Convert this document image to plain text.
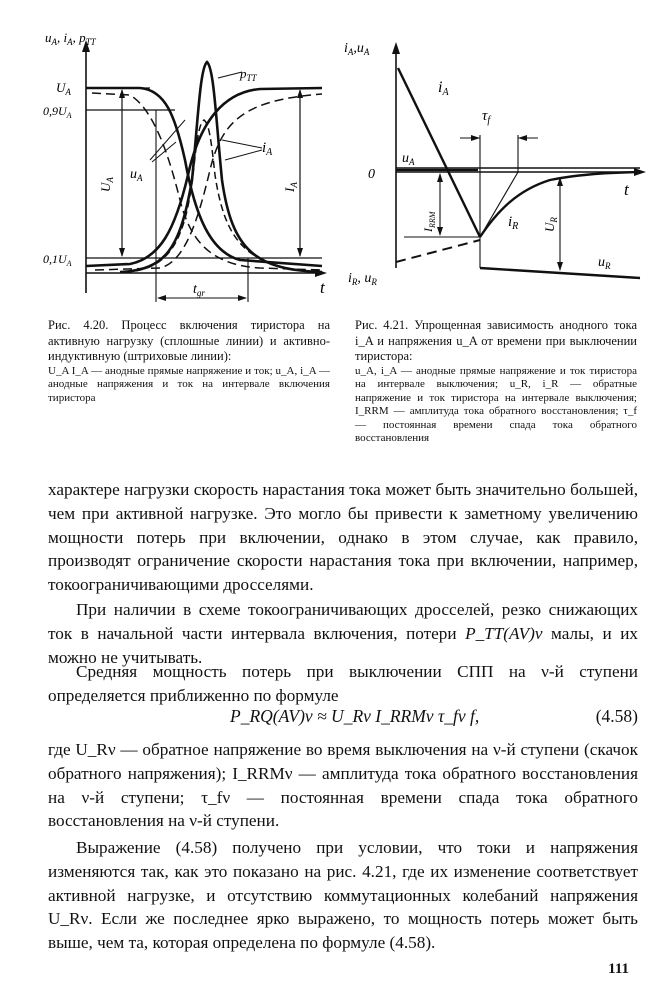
$u_A$, $i_A$, $p_{TT}$
$U_A$
$0,9U_A$
$0,1U_A$
$p_{TT}$
$i_A$
$u_A$
$U_A$
$I_A$
$t_{gr}$	t
$i_A,u_A$
iA
$\tau_f$
$u_A$
0
t
$I_{RRM}$	$i_R$ $U_R$
$i_R$, $u_R$
$u_R$
Рис. 4.20. Процесс включения тиристора на активную нагрузку (сплошные линии) и активно-индуктивную (штриховые линии):
U_A I_A — анодные прямые напряжение и ток; u_A, i_A — анодные напряжения и ток на интервале включения тиристора
Рис. 4.21. Упрощенная зависимость анодного тока i_A и напряжения u_A от времени при выключении тиристора:
u_A, i_A — анодные прямые напряжение и ток тиристора на интервале выключения; u_R, i_R — обратные напряжение и ток тиристора на интервале выключения; I_RRM — амплитуда тока обратного восстановления; τ_f — постоянная времени спада тока обратного восстановления

характере нагрузки скорость нарастания тока может быть значительно большей, чем при активной нагрузке. Это могло бы привести к заметному увеличению мощности потерь при включении, однако в этом случае, как правило, производят ограничение скорости нарастания тока при включении, например, токоограничивающими дросселями.

При наличии в схеме токоограничивающих дросселей, резко снижающих ток в начальной части интервала включения, потери P_TT(AV)ν малы, и их можно не учитывать.

Средняя мощность потерь при выключении СПП на ν-й ступени определяется приближенно по формуле

P_RQ(AV)ν ≈ U_Rν I_RRMν τ_fν f,	(4.58)

где U_Rν — обратное напряжение во время выключения на ν-й ступени (скачок обратного напряжения); I_RRMν — амплитуда тока обратного восстановления на ν-й ступени; τ_fν — постоянная времени спада тока обратного восстановления на ν-й ступени.

Выражение (4.58) получено при условии, что токи и напряжения изменяются так, как это показано на рис. 4.21, где их изменение соответствует активной нагрузке, и отсутствию коммутационных колебаний напряжения U_Rν. Если же последнее ярко выражено, то мощность потерь может быть выше, чем та, которая определена по формуле (4.58).

111
